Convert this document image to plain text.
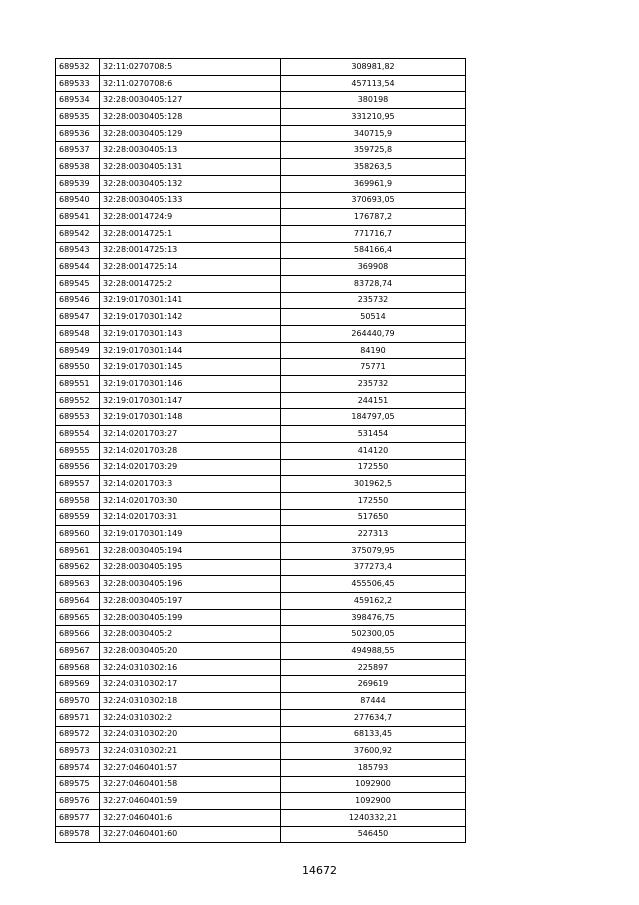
689532	32:11:0270708:5	308981,82
689533	32:11:0270708:6	457113,54
689534	32:28:0030405:127	380198
689535	32:28:0030405:128	331210,95
689536	32:28:0030405:129	340715,9
689537	32:28:0030405:13	359725,8
689538	32:28:0030405:131	358263,5
689539	32:28:0030405:132	369961,9
689540	32:28:0030405:133	370693,05
689541	32:28:0014724:9	176787,2
689542	32:28:0014725:1	771716,7
689543	32:28:0014725:13	584166,4
689544	32:28:0014725:14	369908
689545	32:28:0014725:2	83728,74
689546	32:19:0170301:141	235732
689547	32:19:0170301:142	50514
689548	32:19:0170301:143	264440,79
689549	32:19:0170301:144	84190
689550	32:19:0170301:145	75771
689551	32:19:0170301:146	235732
689552	32:19:0170301:147	244151
689553	32:19:0170301:148	184797,05
689554	32:14:0201703:27	531454
689555	32:14:0201703:28	414120
689556	32:14:0201703:29	172550
689557	32:14:0201703:3	301962,5
689558	32:14:0201703:30	172550
689559	32:14:0201703:31	517650
689560	32:19:0170301:149	227313
689561	32:28:0030405:194	375079,95
689562	32:28:0030405:195	377273,4
689563	32:28:0030405:196	455506,45
689564	32:28:0030405:197	459162,2
689565	32:28:0030405:199	398476,75
689566	32:28:0030405:2	502300,05
689567	32:28:0030405:20	494988,55
689568	32:24:0310302:16	225897
689569	32:24:0310302:17	269619
689570	32:24:0310302:18	87444
689571	32:24:0310302:2	277634,7
689572	32:24:0310302:20	68133,45
689573	32:24:0310302:21	37600,92
689574	32:27:0460401:57	185793
689575	32:27:0460401:58	1092900
689576	32:27:0460401:59	1092900
689577	32:27:0460401:6	1240332,21
689578	32:27:0460401:60	546450
14672
